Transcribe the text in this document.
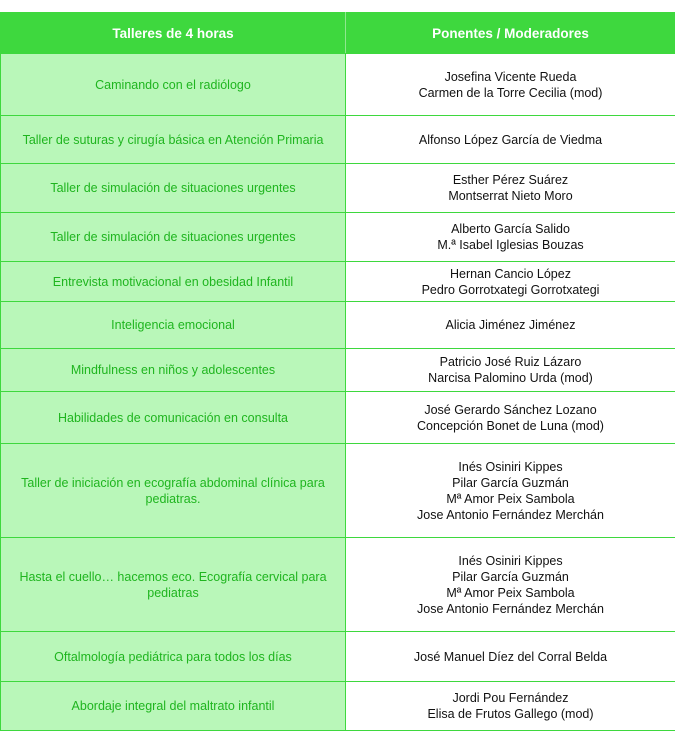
Talleres de 4 horas	Ponentes / Moderadores
Caminando con el radiólogo	Josefina Vicente Rueda
Carmen de la Torre Cecilia (mod)

Taller de suturas y cirugía básica en Atención Primaria	Alfonso López García de Viedma

Taller de simulación de situaciones urgentes	Esther Pérez Suárez
Montserrat Nieto Moro

Taller de simulación de situaciones urgentes	Alberto García Salido
M.ª Isabel Iglesias Bouzas

Entrevista motivacional en obesidad Infantil	Hernan Cancio López
Pedro Gorrotxategi Gorrotxategi

Inteligencia emocional	Alicia Jiménez Jiménez

Mindfulness en niños y adolescentes	Patricio José Ruiz Lázaro
Narcisa Palomino Urda (mod)

Habilidades de comunicación en consulta	José Gerardo Sánchez Lozano
Concepción Bonet de Luna (mod)

Taller de iniciación en ecografía abdominal clínica para pediatras.	Inés Osiniri Kippes
Pilar García Guzmán
Mª Amor Peix Sambola
Jose Antonio Fernández Merchán

Hasta el cuello… hacemos eco. Ecografía cervical para pediatras	Inés Osiniri Kippes
Pilar García Guzmán
Mª Amor Peix Sambola
Jose Antonio Fernández Merchán

Oftalmología pediátrica para todos los días	José Manuel Díez del Corral Belda

Abordaje integral del maltrato infantil	Jordi Pou Fernández
Elisa de Frutos Gallego (mod)
